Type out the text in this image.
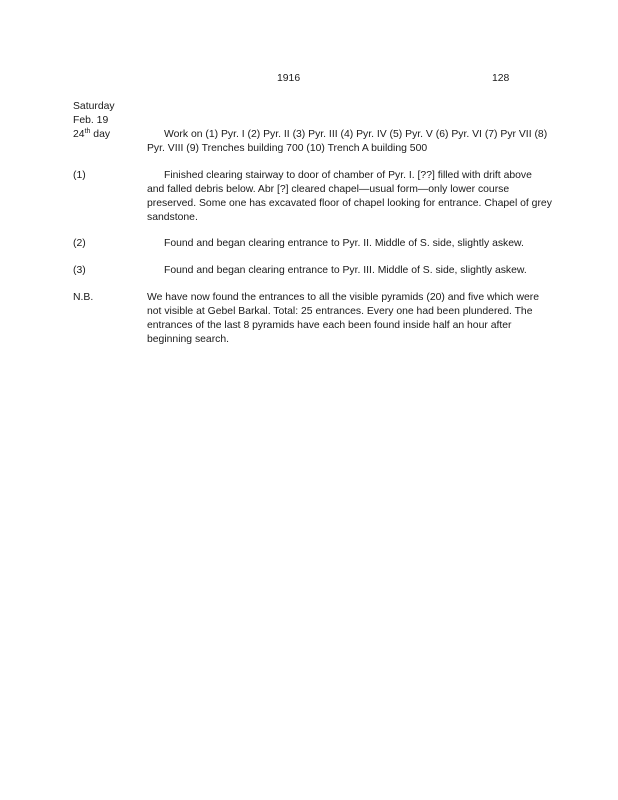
1916	128
Saturday
Feb. 19
24th day	Work on (1) Pyr. I (2) Pyr. II (3) Pyr. III (4) Pyr. IV (5) Pyr. V (6) Pyr. VI (7) Pyr VII (8) Pyr. VIII (9) Trenches building 700 (10) Trench A building 500

(1)	Finished clearing stairway to door of chamber of Pyr. I. [??] filled with drift above and falled debris below. Abr [?] cleared chapel—usual form—only lower course preserved. Some one has excavated floor of chapel looking for entrance. Chapel of grey sandstone.

(2)	Found and began clearing entrance to Pyr. II. Middle of S. side, slightly askew.

(3)	Found and began clearing entrance to Pyr. III. Middle of S. side, slightly askew.

N.B.	We have now found the entrances to all the visible pyramids (20) and five which were not visible at Gebel Barkal. Total: 25 entrances. Every one had been plundered. The entrances of the last 8 pyramids have each been found inside half an hour after beginning search.
